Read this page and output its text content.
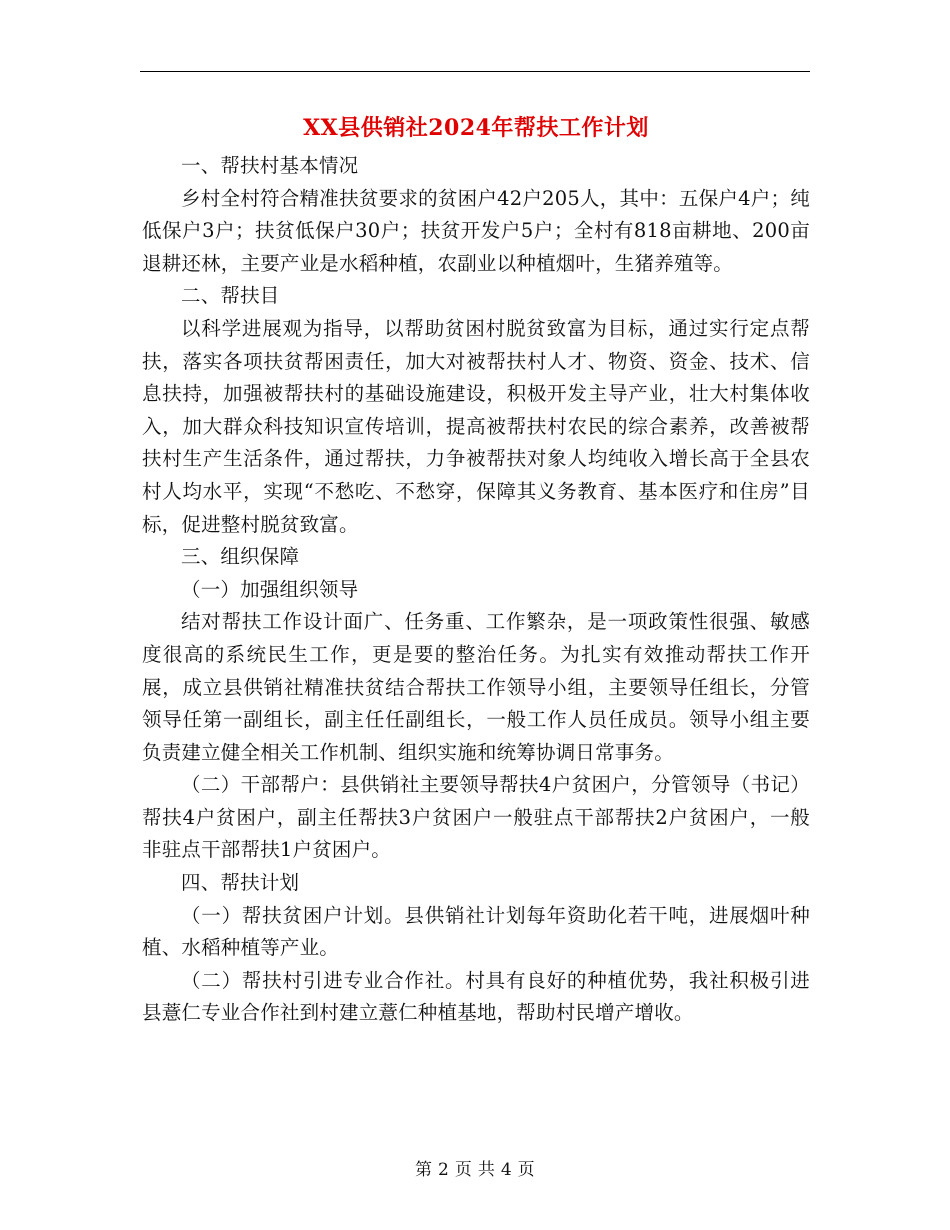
XX县供销社2024年帮扶工作计划

一、帮扶村基本情况

乡村全村符合精准扶贫要求的贫困户42户205人，其中：五保户4户；纯低保户3户；扶贫低保户30户；扶贫开发户5户；全村有818亩耕地、200亩退耕还林，主要产业是水稻种植，农副业以种植烟叶，生猪养殖等。

二、帮扶目

以科学进展观为指导，以帮助贫困村脱贫致富为目标，通过实行定点帮扶，落实各项扶贫帮困责任，加大对被帮扶村人才、物资、资金、技术、信息扶持，加强被帮扶村的基础设施建设，积极开发主导产业，壮大村集体收入，加大群众科技知识宣传培训，提高被帮扶村农民的综合素养，改善被帮扶村生产生活条件，通过帮扶，力争被帮扶对象人均纯收入增长高于全县农村人均水平，实现“不愁吃、不愁穿，保障其义务教育、基本医疗和住房”目标，促进整村脱贫致富。

三、组织保障

（一）加强组织领导

结对帮扶工作设计面广、任务重、工作繁杂，是一项政策性很强、敏感度很高的系统民生工作，更是要的整治任务。为扎实有效推动帮扶工作开展，成立县供销社精准扶贫结合帮扶工作领导小组，主要领导任组长，分管领导任第一副组长，副主任任副组长，一般工作人员任成员。领导小组主要负责建立健全相关工作机制、组织实施和统筹协调日常事务。

（二）干部帮户：县供销社主要领导帮扶4户贫困户，分管领导（书记）帮扶4户贫困户，副主任帮扶3户贫困户一般驻点干部帮扶2户贫困户，一般非驻点干部帮扶1户贫困户。

四、帮扶计划

（一）帮扶贫困户计划。县供销社计划每年资助化若干吨，进展烟叶种植、水稻种植等产业。

（二）帮扶村引进专业合作社。村具有良好的种植优势，我社积极引进县薏仁专业合作社到村建立薏仁种植基地，帮助村民增产增收。

第 2 页 共 4 页
